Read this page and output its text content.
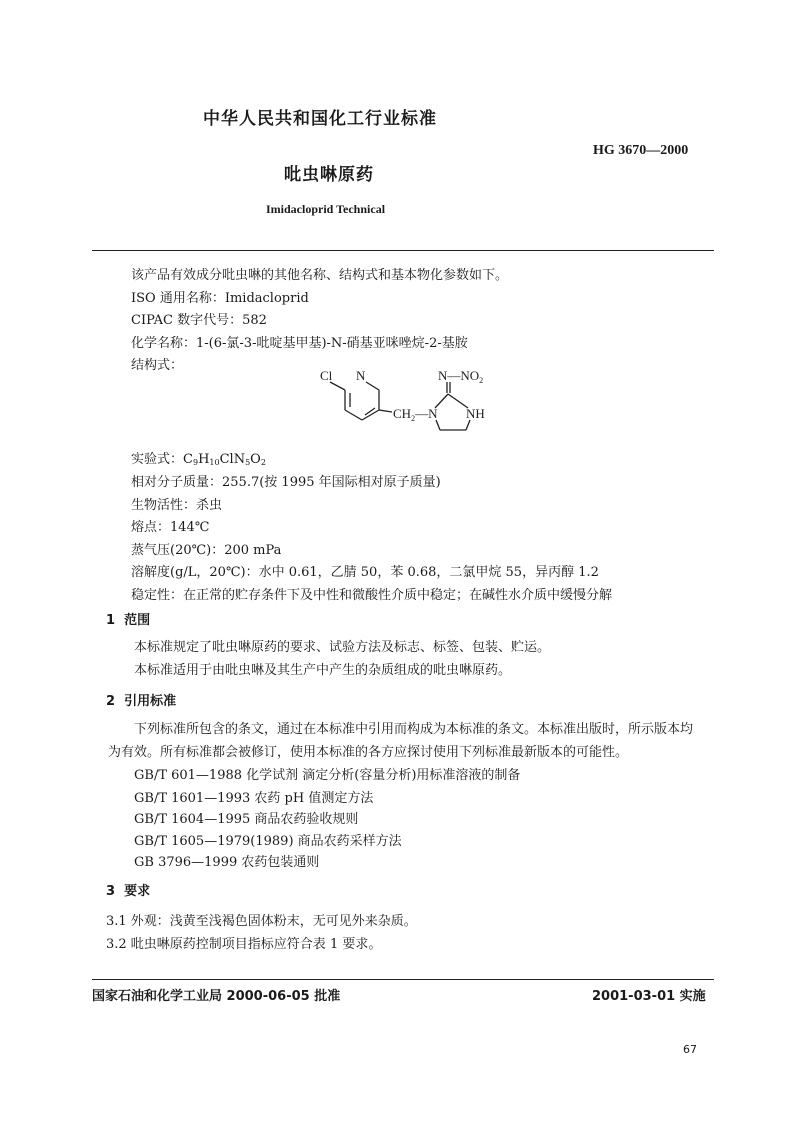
中华人民共和国化工行业标准
HG 3670—2000
吡虫啉原药
Imidacloprid Technical
该产品有效成分吡虫啉的其他名称、结构式和基本物化参数如下。
ISO 通用名称：Imidacloprid
CIPAC 数字代号：582
化学名称：1-(6-氯-3-吡啶基甲基)-N-硝基亚咪唑烷-2-基胺
结构式：
Cl N	$N—NO_2$
$CH_2—N$ NH
实验式：$C_9H_{10}ClN_5O_2$
相对分子质量：255.7(按 1995 年国际相对原子质量)
生物活性：杀虫
熔点：144℃
蒸气压(20℃)：200 mPa
溶解度(g/L，20℃)：水中 0.61，乙腈 50，苯 0.68，二氯甲烷 55，异丙醇 1.2
稳定性：在正常的贮存条件下及中性和微酸性介质中稳定；在碱性水介质中缓慢分解
1 范围
本标准规定了吡虫啉原药的要求、试验方法及标志、标签、包装、贮运。
本标准适用于由吡虫啉及其生产中产生的杂质组成的吡虫啉原药。
2 引用标准
下列标准所包含的条文，通过在本标准中引用而构成为本标准的条文。本标准出版时，所示版本均
为有效。所有标准都会被修订，使用本标准的各方应探讨使用下列标准最新版本的可能性。
GB/T 601—1988 化学试剂 滴定分析(容量分析)用标准溶液的制备
GB/T 1601—1993 农药 pH 值测定方法
GB/T 1604—1995 商品农药验收规则
GB/T 1605—1979(1989) 商品农药采样方法
GB 3796—1999 农药包装通则
3 要求
3.1 外观：浅黄至浅褐色固体粉末，无可见外来杂质。
3.2 吡虫啉原药控制项目指标应符合表 1 要求。
国家石油和化学工业局 2000-06-05 批准	2001-03-01 实施
67
